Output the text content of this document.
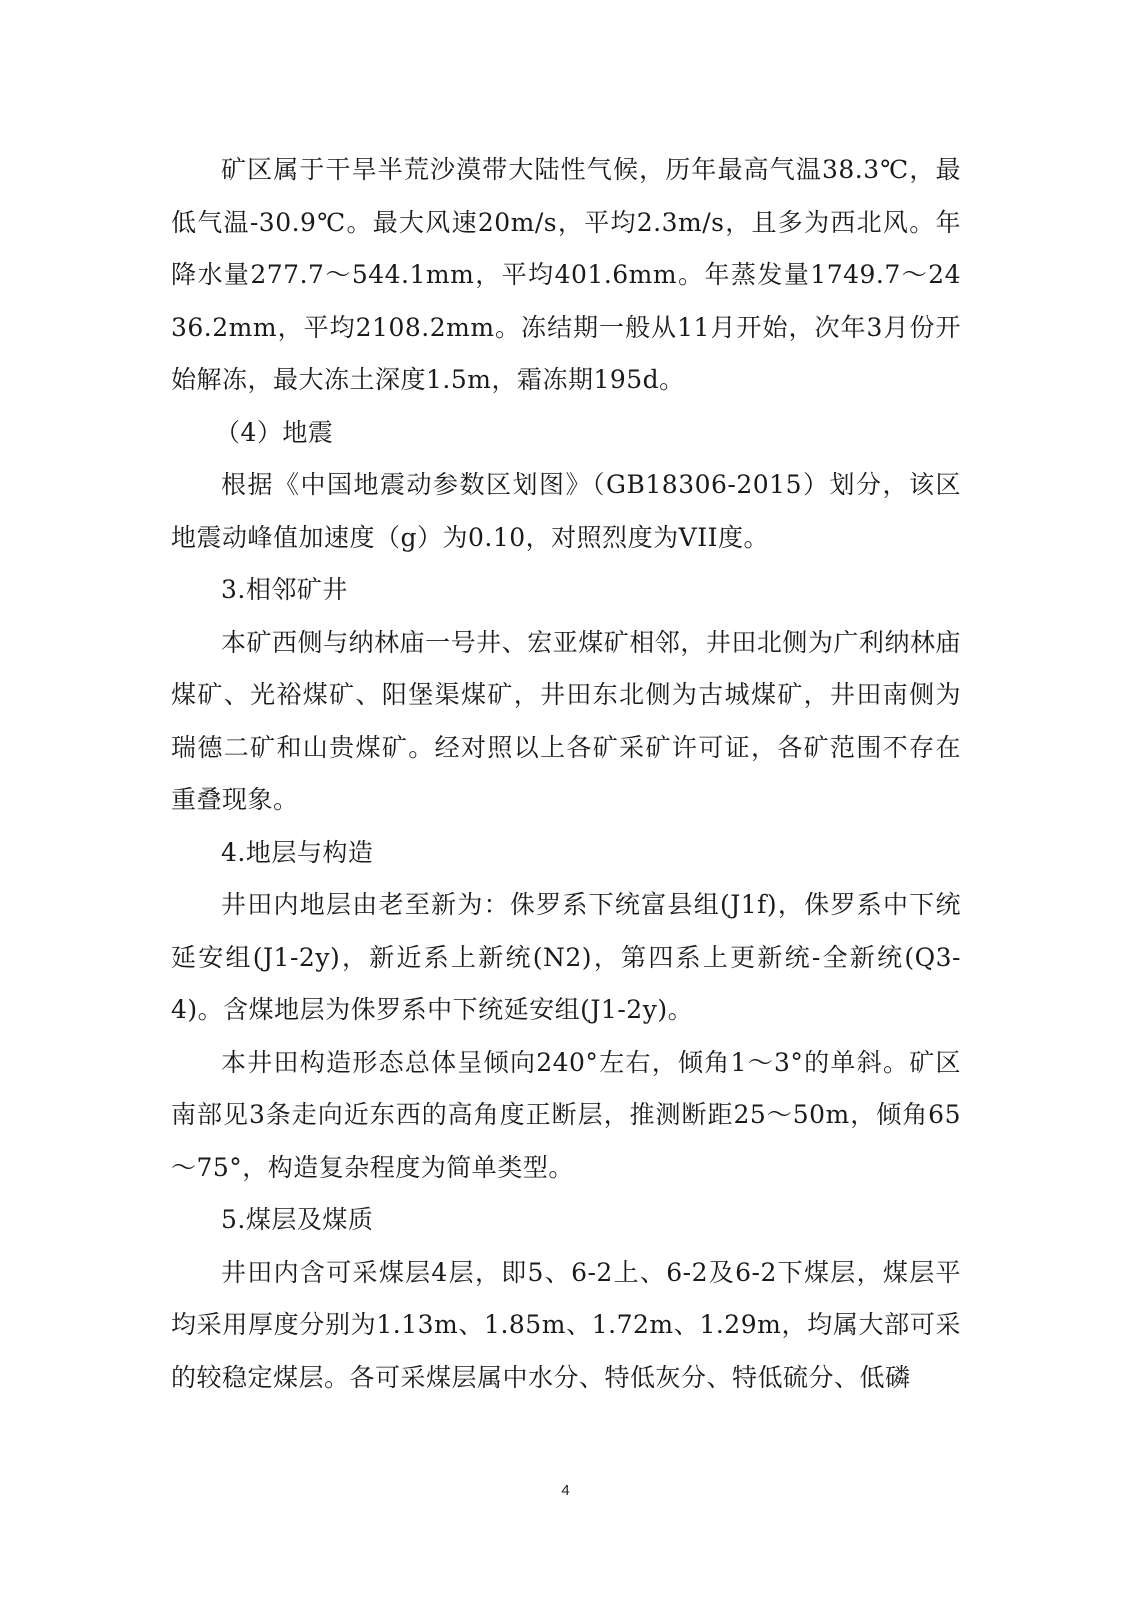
矿区属于干旱半荒沙漠带大陆性气候，历年最高气温38.3℃，最低气温-30.9℃。最大风速20m/s，平均2.3m/s，且多为西北风。年降水量277.7～544.1mm，平均401.6mm。年蒸发量1749.7～2436.2mm，平均2108.2mm。冻结期一般从11月开始，次年3月份开始解冻，最大冻土深度1.5m，霜冻期195d。

（4）地震

根据《中国地震动参数区划图》（GB18306-2015）划分，该区地震动峰值加速度（g）为0.10，对照烈度为VII度。

3.相邻矿井

本矿西侧与纳林庙一号井、宏亚煤矿相邻，井田北侧为广利纳林庙煤矿、光裕煤矿、阳堡渠煤矿，井田东北侧为古城煤矿，井田南侧为瑞德二矿和山贵煤矿。经对照以上各矿采矿许可证，各矿范围不存在重叠现象。

4.地层与构造

井田内地层由老至新为：侏罗系下统富县组(J1f)，侏罗系中下统延安组(J1-2y)，新近系上新统(N2)，第四系上更新统-全新统(Q3-4)。含煤地层为侏罗系中下统延安组(J1-2y)。

本井田构造形态总体呈倾向240°左右，倾角1～3°的单斜。矿区南部见3条走向近东西的高角度正断层，推测断距25～50m，倾角65～75°，构造复杂程度为简单类型。

5.煤层及煤质

井田内含可采煤层4层，即5、6-2上、6-2及6-2下煤层，煤层平均采用厚度分别为1.13m、1.85m、1.72m、1.29m，均属大部可采的较稳定煤层。各可采煤层属中水分、特低灰分、特低硫分、低磷

4
